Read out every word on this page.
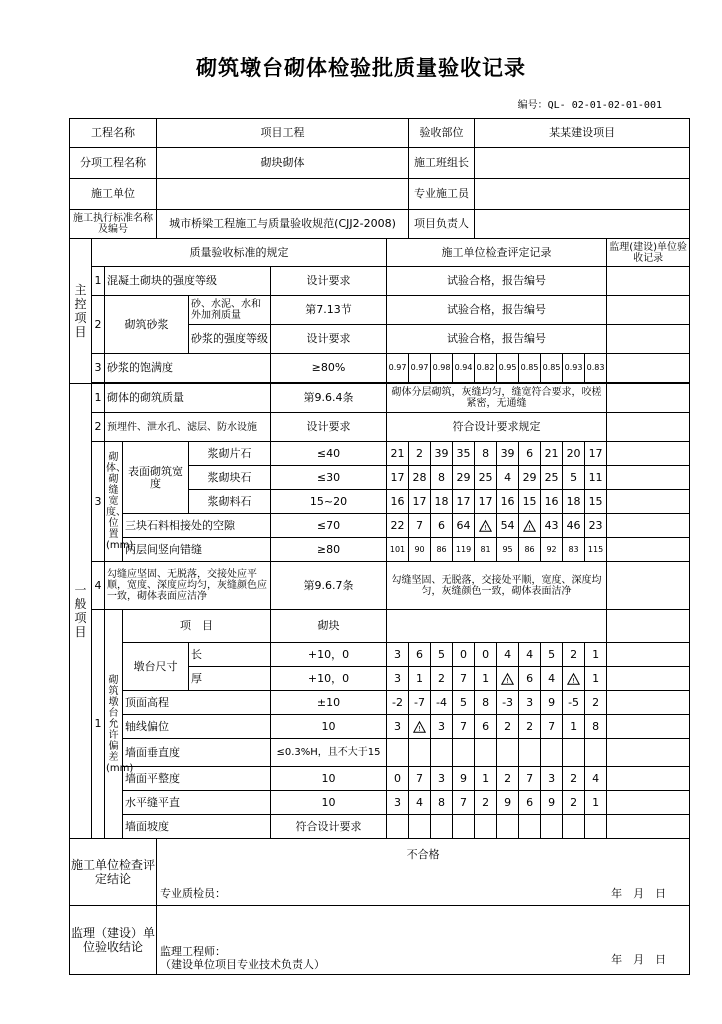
砌筑墩台砌体检验批质量验收记录
编号：QL- 02-01-02-01-001
工程名称				项目工程				验收部位			某某建设项目						
分项工程名称				砌块砌体				施工班组长									
施工单位								专业施工员									
施工执行标准名称及编号				城市桥梁工程施工与质量验收规范(CJJ2-2008)				项目负责人									
主控项目	质量验收标准的规定						施工单位检查评定记录										监理(建设)单位验收记录
	1	混凝土砌块的强度等级				设计要求	试验合格，报告编号										
	2	砌筑砂浆			砂、水泥、水和外加剂质量	第7.13节	试验合格，报告编号										
					砂浆的强度等级	设计要求	试验合格，报告编号										
	3	砂浆的饱满度				≥80%	0.97	0.97	0.98	0.94	0.82	0.95	0.85	0.85	0.93	0.83	

一般项目	1	砌体的砌筑质量				第9.6.4条	砌体分层砌筑，灰缝均匀，缝宽符合要求，咬槎紧密，无通缝										
	2	预埋件、泄水孔、滤层、防水设施				设计要求	符合设计要求规定										
	3	砌体、砌缝宽度、位置(mm)	表面砌筑宽度		浆砌片石	≤40	21	2	39	35	8	39	6	21	20	17	
					浆砌块石	≤30	17	28	8	29	25	4	29	25	5	11	
					浆砌料石	15~20	16	17	18	17	17	16	15	16	18	15	
			三块石料相接处的空隙			≤70	22	7	6	64	!	54	!	43	46	23	
			两层间竖向错缝			≥80	101	90	86	119	81	95	86	92	83	115	
	4	勾缝应坚固、无脱落，交接处应平顺，宽度、深度应均匀，灰缝颜色应一致，砌体表面应洁净				第9.6.7条	勾缝坚固、无脱落，交接处平顺，宽度、深度均匀，灰缝颜色一致，砌体表面洁净										
	1	砌筑墩台允许偏差(mm)	项　目			砌块											
			墩台尺寸		长	+10，0	3	6	5	0	0	4	4	5	2	1	
					厚	+10，0	3	1	2	7	1	!	6	4	!	1	
			顶面高程			±10	-2	-7	-4	5	8	-3	3	9	-5	2	
			轴线偏位			10	3	!	3	7	6	2	2	7	1	8	
			墙面垂直度			≤0.3%H，且不大于15											
			墙面平整度			10	0	7	3	9	1	2	7	3	2	4	
			水平缝平直			10	3	4	8	7	2	9	6	9	2	1	
			墙面坡度			符合设计要求											
施工单位检查评定结论				不合格
专业质检员： 年　月　日													

监理（建设）单位验收结论				监理工程师：
（建设单位项目专业技术负责人） 年　月　日													
